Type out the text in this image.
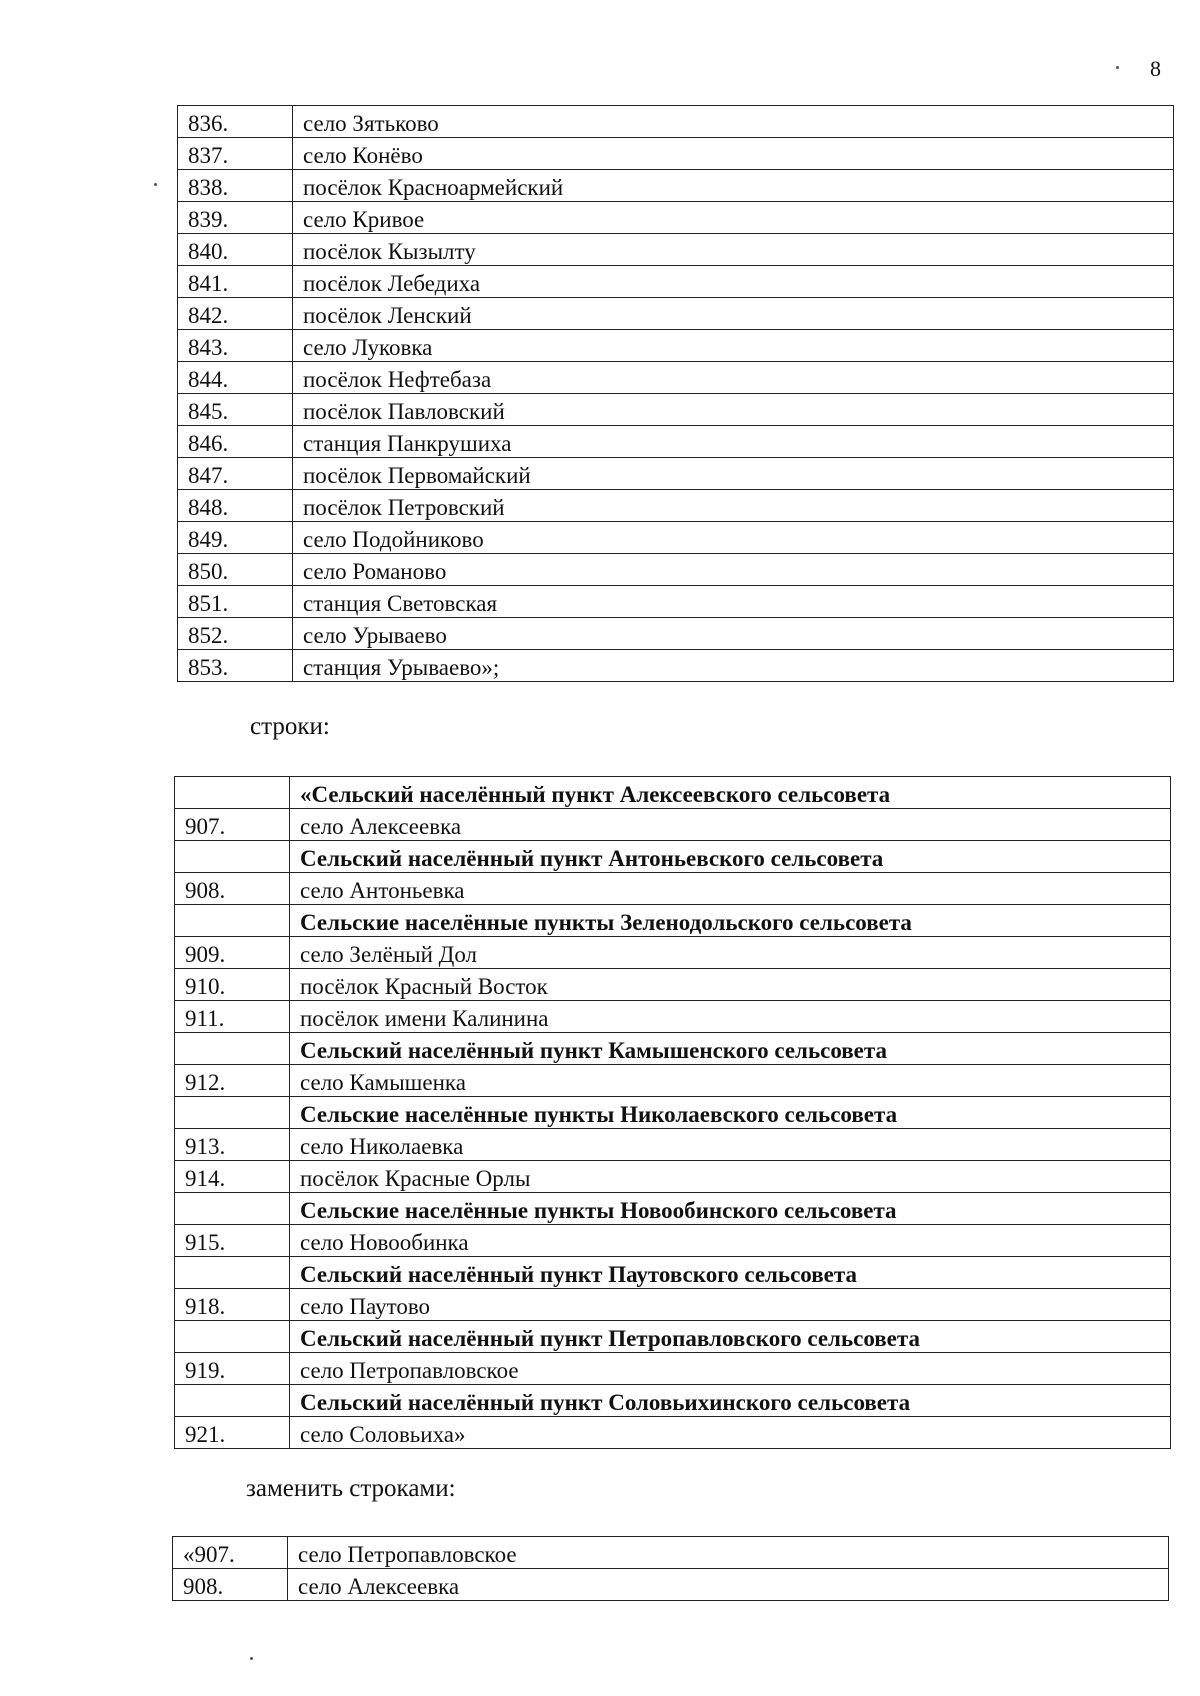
8
836.	село Зятьково
837.	село Конёво
838.	посёлок Красноармейский
839.	село Кривое
840.	посёлок Кызылту
841.	посёлок Лебедиха
842.	посёлок Ленский
843.	село Луковка
844.	посёлок Нефтебаза
845.	посёлок Павловский
846.	станция Панкрушиха
847.	посёлок Первомайский
848.	посёлок Петровский
849.	село Подойниково
850.	село Романово
851.	станция Световская
852.	село Урываево
853.	станция Урываево»;
строки:
	«Сельский населённый пункт Алексеевского сельсовета
907.	село Алексеевка
	Сельский населённый пункт Антоньевского сельсовета
908.	село Антоньевка
	Сельские населённые пункты Зеленодольского сельсовета
909.	село Зелёный Дол
910.	посёлок Красный Восток
911.	посёлок имени Калинина
	Сельский населённый пункт Камышенского сельсовета
912.	село Камышенка
	Сельские населённые пункты Николаевского сельсовета
913.	село Николаевка
914.	посёлок Красные Орлы
	Сельские населённые пункты Новообинского сельсовета
915.	село Новообинка
	Сельский населённый пункт Паутовского сельсовета
918.	село Паутово
	Сельский населённый пункт Петропавловского сельсовета
919.	село Петропавловское
	Сельский населённый пункт Соловьихинского сельсовета
921.	село Соловьиха»
заменить строками:
«907.	село Петропавловское
908.	село Алексеевка
